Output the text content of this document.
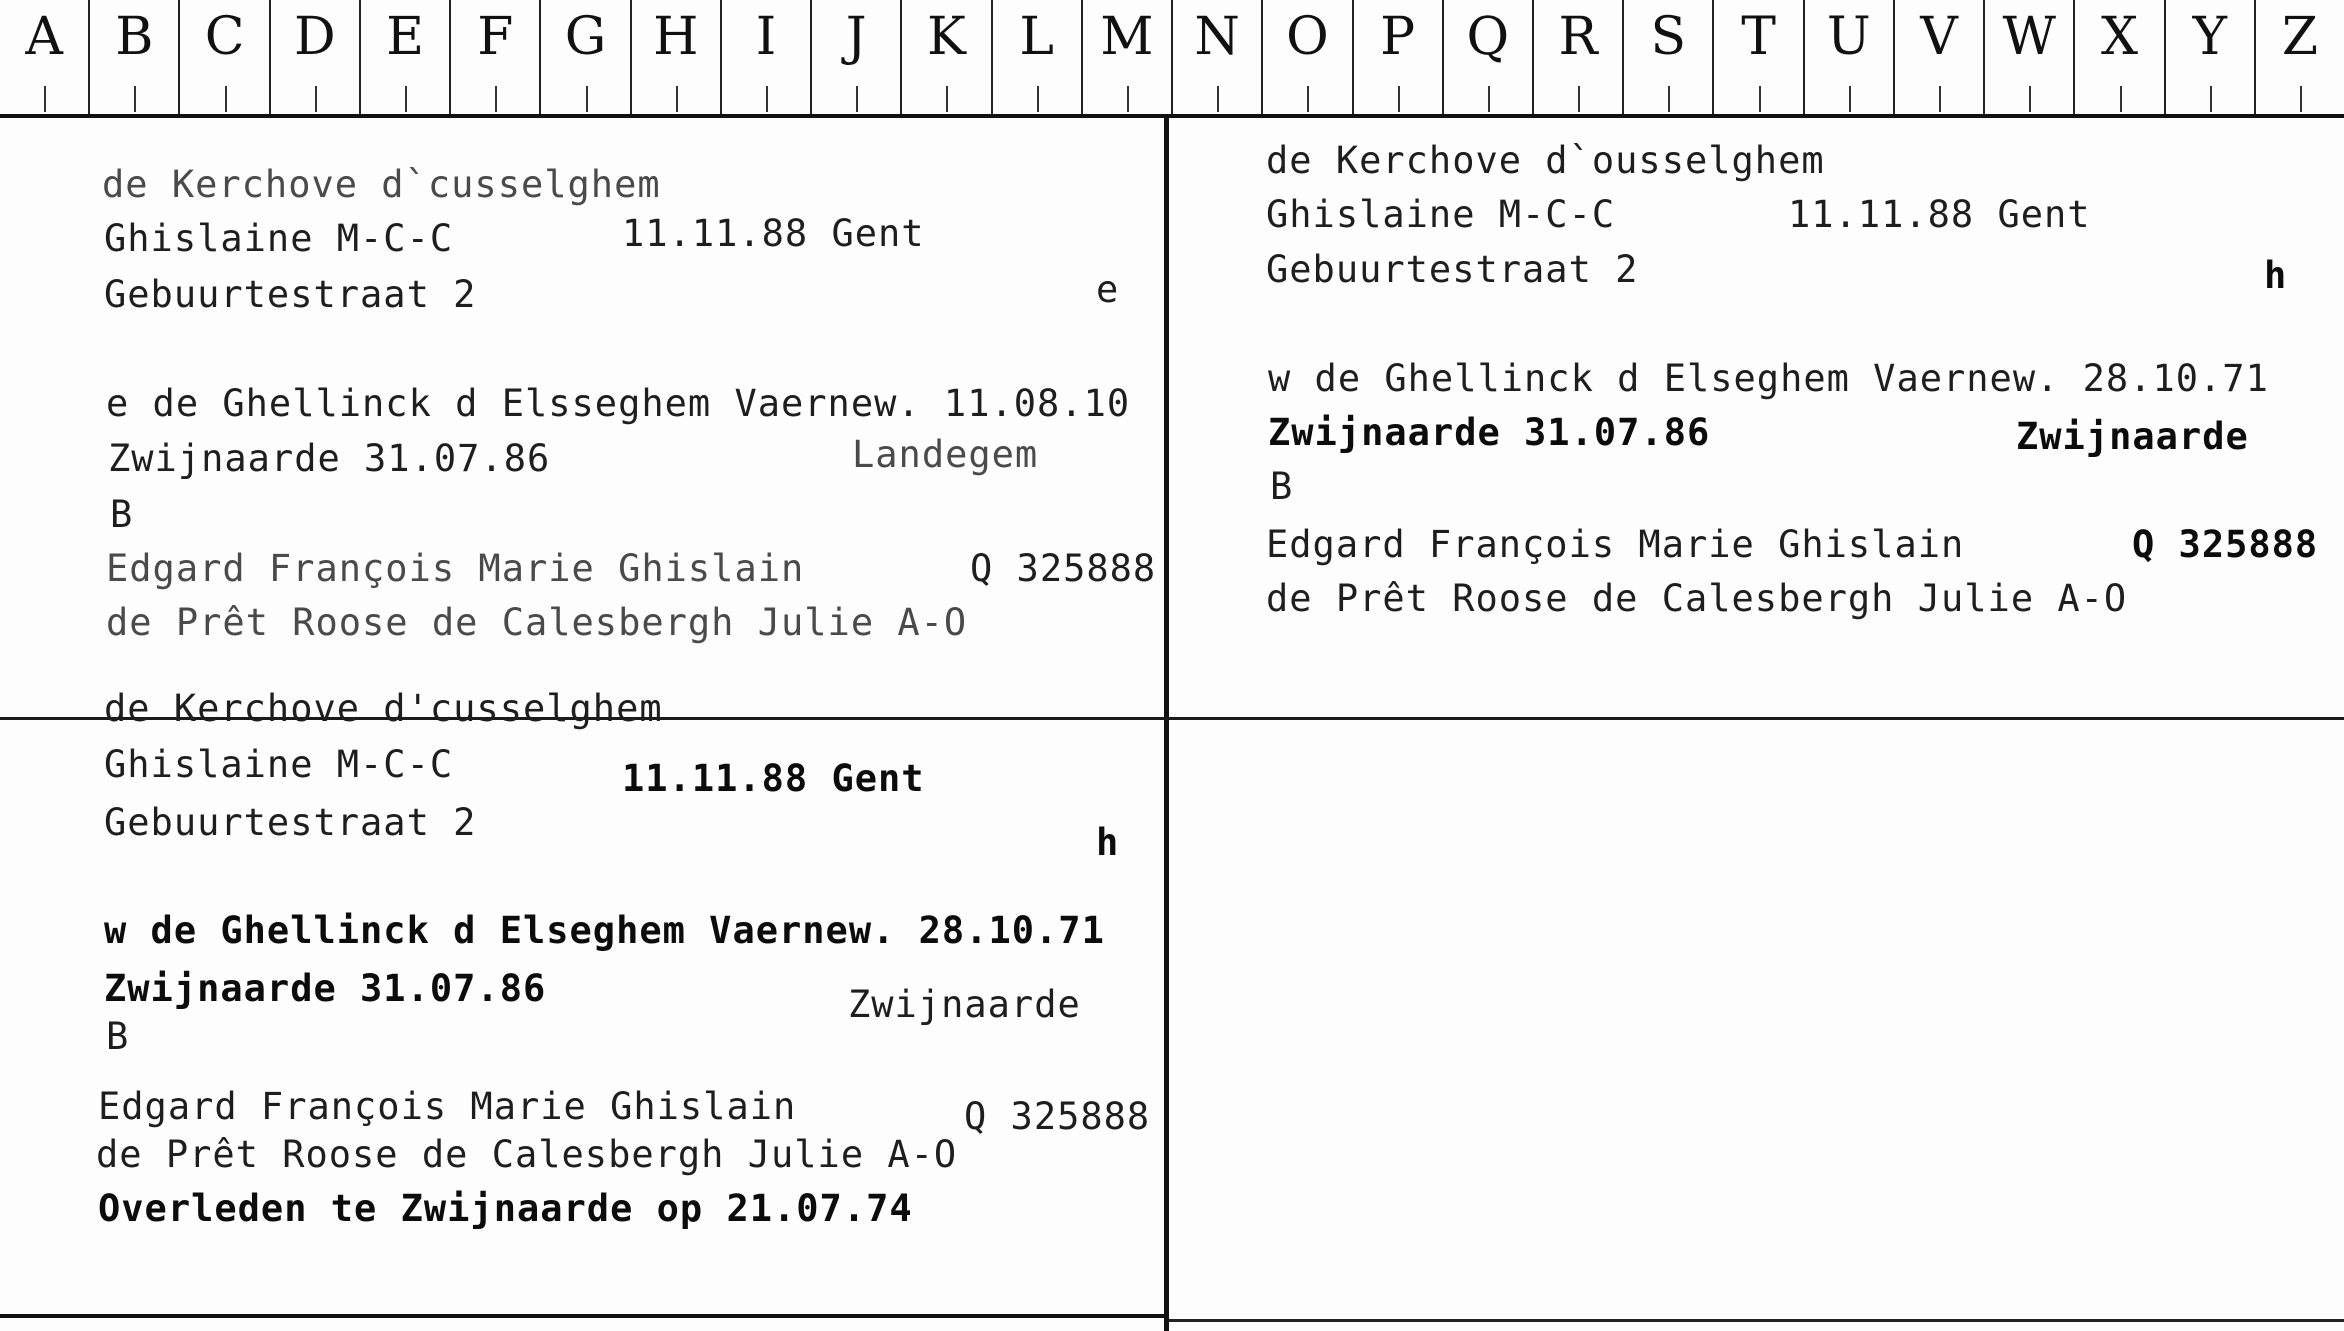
A	B C D E	F G H	I	J	K	L M N O P Q R	S	T U V W X	Y	Z
de Kerchove d`cusselghem
Ghislaine M-C-C	11.11.88 Gent
Gebuurtestraat 2	e
e de Ghellinck d Elsseghem Vaernew. 11.08.10
Zwijnaarde 31.07.86	Landegem
B
Edgard François Marie Ghislain	Q 325888
de Prêt Roose de Calesbergh Julie A-O
de Kerchove d`ousselghem
Ghislaine M-C-C	11.11.88 Gent
Gebuurtestraat 2	h
w de Ghellinck d Elseghem Vaernew. 28.10.71
Zwijnaarde 31.07.86	Zwijnaarde
B
Edgard François Marie Ghislain	Q 325888
de Prêt Roose de Calesbergh Julie A-O
de Kerchove d'cusselghem
Ghislaine M-C-C	11.11.88 Gent
Gebuurtestraat 2	h
w de Ghellinck d Elseghem Vaernew. 28.10.71
Zwijnaarde 31.07.86	Zwijnaarde
B
Edgard François Marie Ghislain	Q 325888
de Prêt Roose de Calesbergh Julie A-O
Overleden te Zwijnaarde op 21.07.74
